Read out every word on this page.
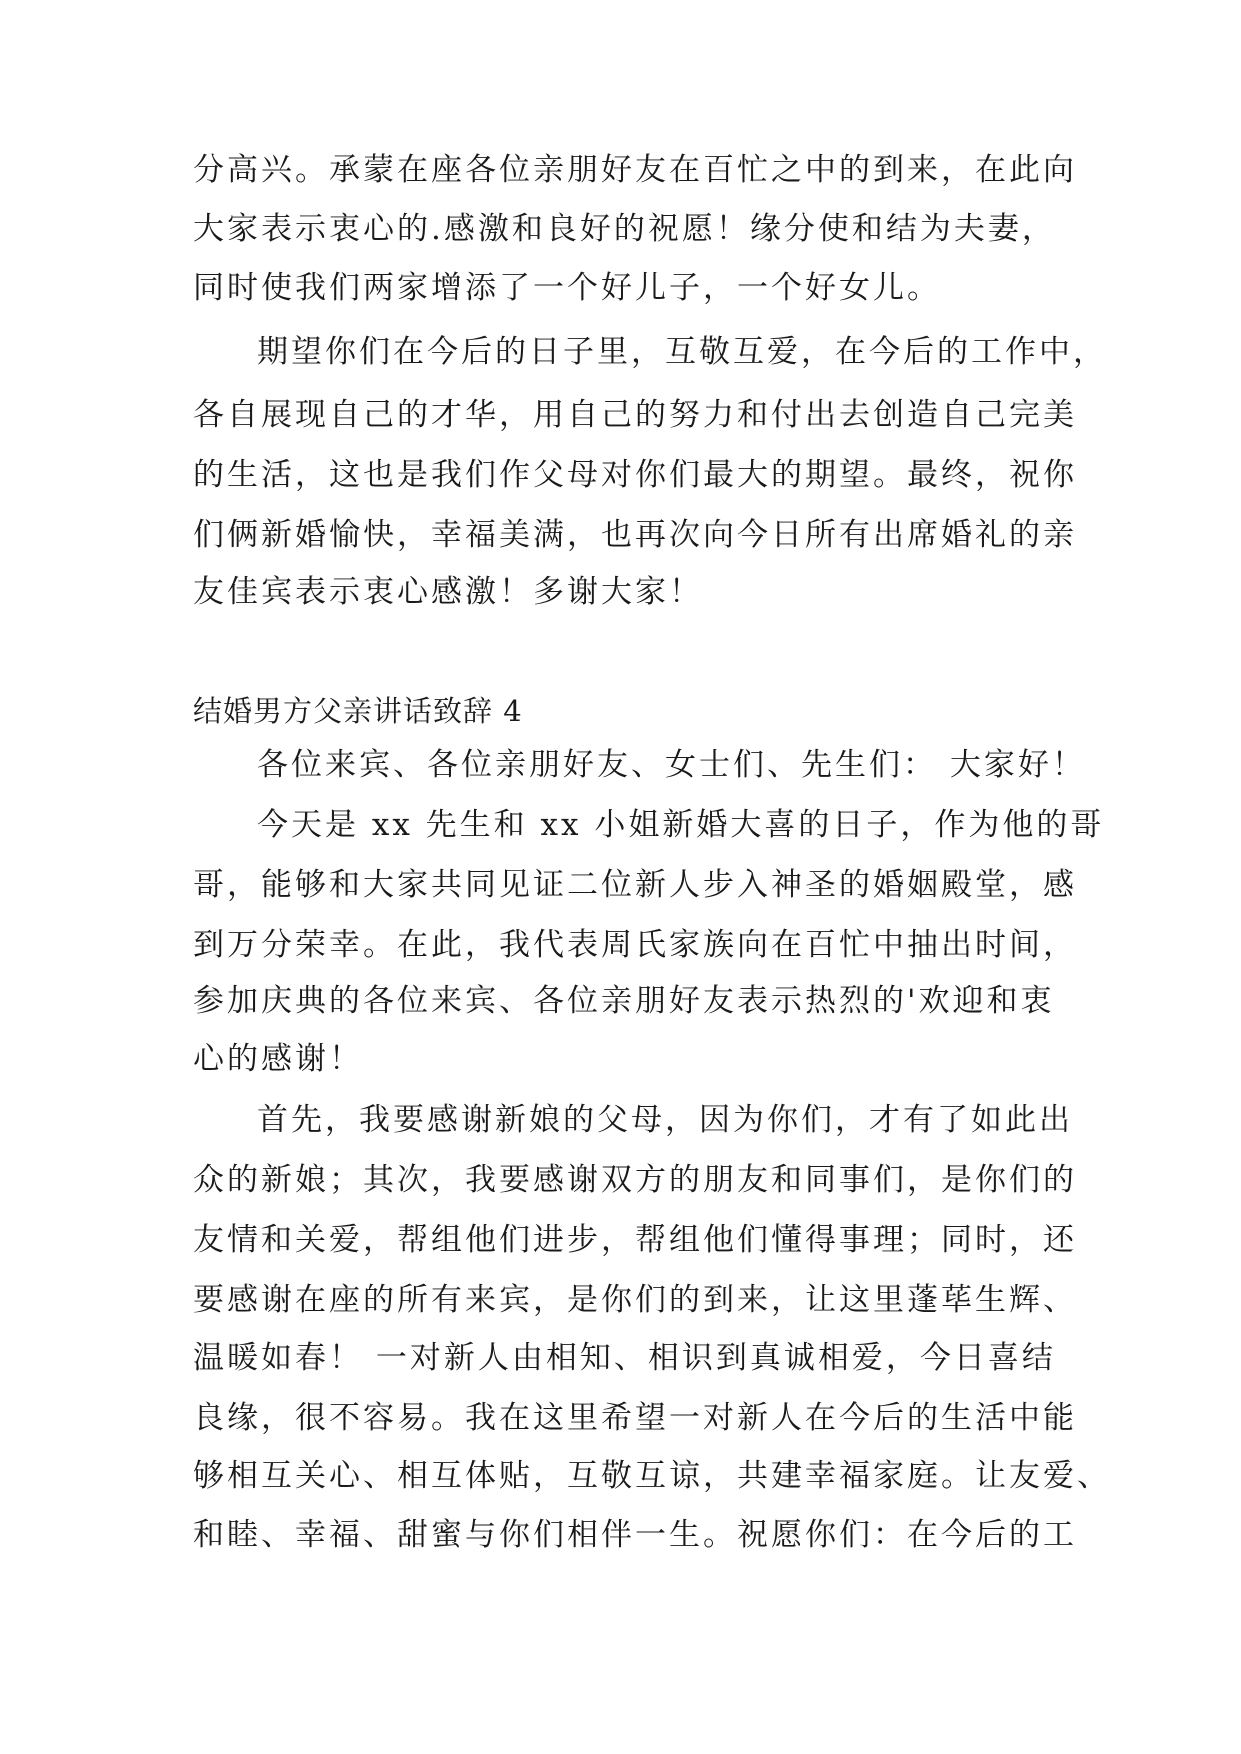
分高兴。承蒙在座各位亲朋好友在百忙之中的到来，在此向
大家表示衷心的.感激和良好的祝愿！缘分使和结为夫妻，
同时使我们两家增添了一个好儿子，一个好女儿。
期望你们在今后的日子里，互敬互爱，在今后的工作中，
各自展现自己的才华，用自己的努力和付出去创造自己完美
的生活，这也是我们作父母对你们最大的期望。最终，祝你
们俩新婚愉快，幸福美满，也再次向今日所有出席婚礼的亲
友佳宾表示衷心感激！多谢大家！
结婚男方父亲讲话致辞 4
各位来宾、各位亲朋好友、女士们、先生们： 大家好！
今天是 xx 先生和 xx 小姐新婚大喜的日子，作为他的哥
哥，能够和大家共同见证二位新人步入神圣的婚姻殿堂，感
到万分荣幸。在此，我代表周氏家族向在百忙中抽出时间，
参加庆典的各位来宾、各位亲朋好友表示热烈的'欢迎和衷
心的感谢！
首先，我要感谢新娘的父母，因为你们，才有了如此出
众的新娘；其次，我要感谢双方的朋友和同事们，是你们的
友情和关爱，帮组他们进步，帮组他们懂得事理；同时，还
要感谢在座的所有来宾，是你们的到来，让这里蓬荜生辉、
温暖如春！ 一对新人由相知、相识到真诚相爱，今日喜结
良缘，很不容易。我在这里希望一对新人在今后的生活中能
够相互关心、相互体贴，互敬互谅，共建幸福家庭。让友爱、
和睦、幸福、甜蜜与你们相伴一生。祝愿你们：在今后的工
